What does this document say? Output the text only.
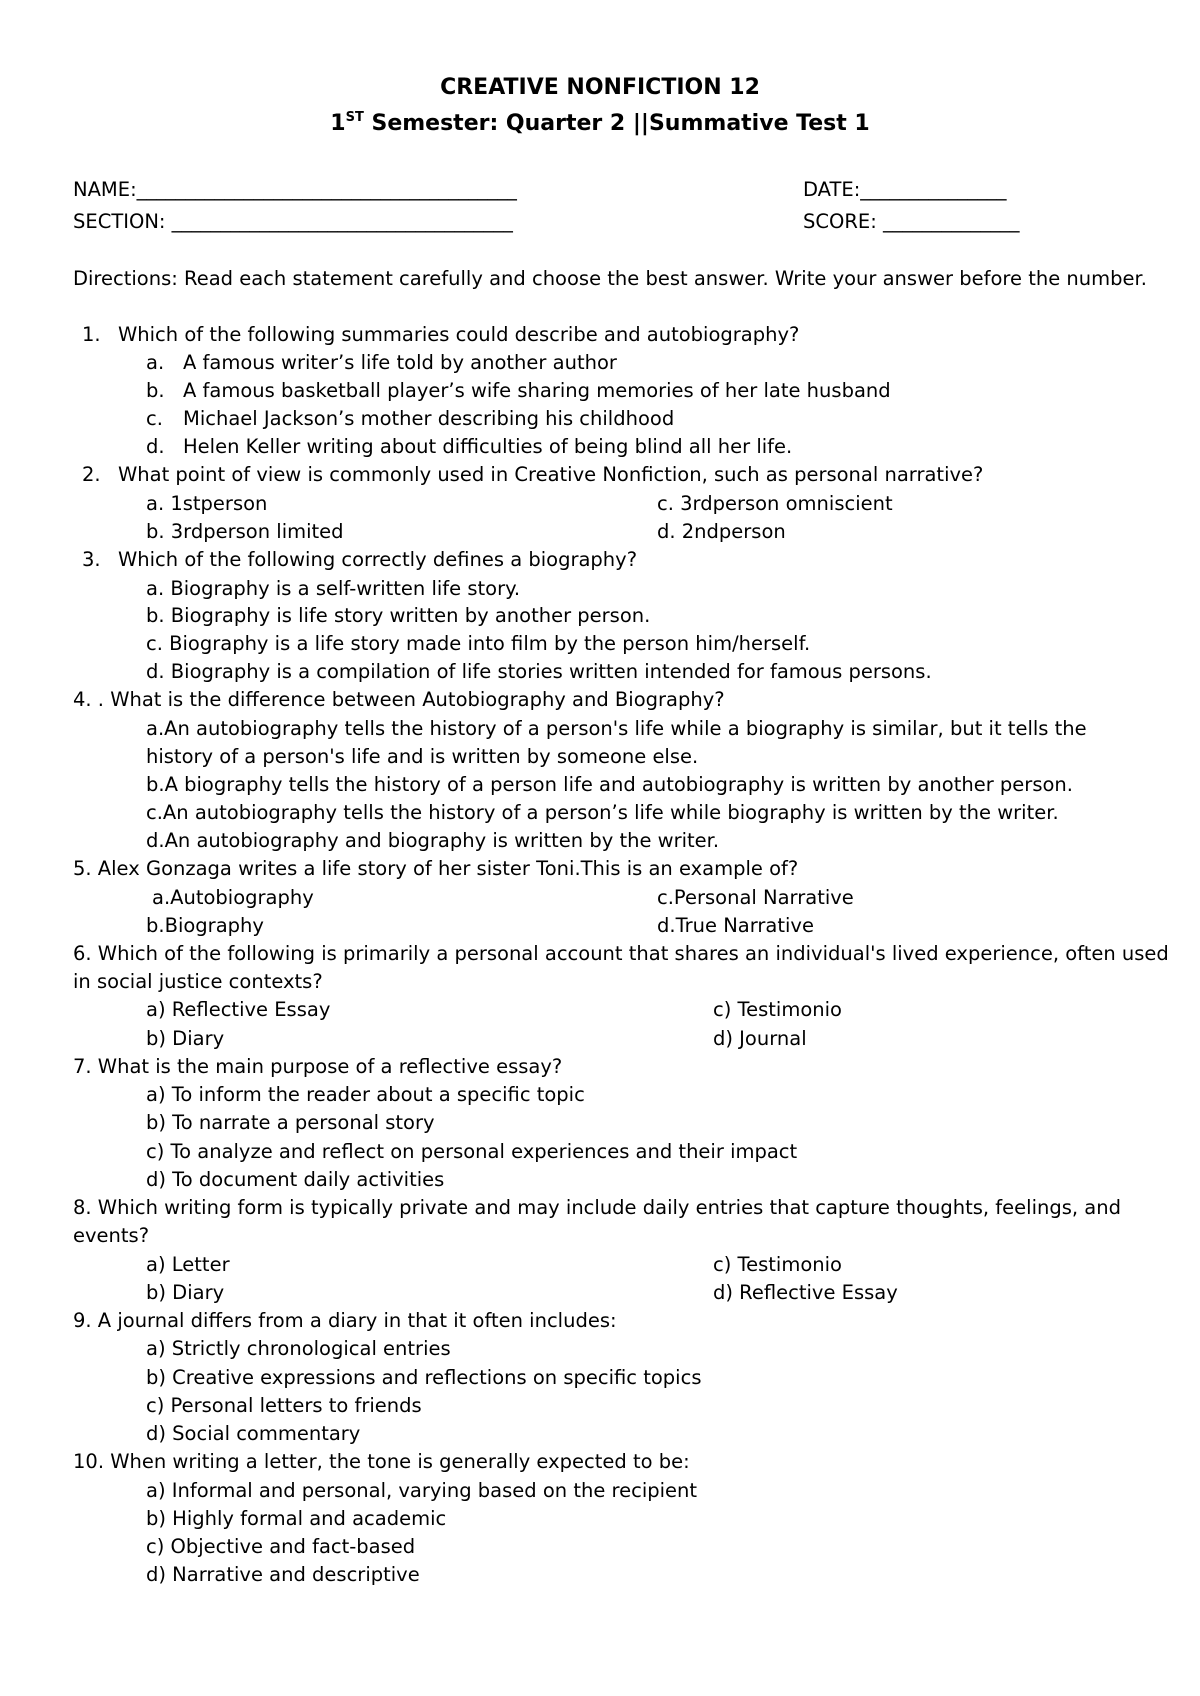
CREATIVE NONFICTION 12
1ST Semester: Quarter 2 ||Summative Test 1
NAME:_______________________________________	DATE:_______________
SECTION: ___________________________________	SCORE: ______________
Directions: Read each statement carefully and choose the best answer. Write your answer before the number.
1. Which of the following summaries could describe and autobiography?
a. A famous writer’s life told by another author
b. A famous basketball player’s wife sharing memories of her late husband
c. Michael Jackson’s mother describing his childhood
d. Helen Keller writing about difficulties of being blind all her life.
2. What point of view is commonly used in Creative Nonfiction, such as personal narrative?
a. 1stperson	c. 3rdperson omniscient
b. 3rdperson limited	d. 2ndperson
3. Which of the following correctly defines a biography?
a. Biography is a self-written life story.
b. Biography is life story written by another person.
c. Biography is a life story made into film by the person him/herself.
d. Biography is a compilation of life stories written intended for famous persons.
4. . What is the difference between Autobiography and Biography?
a.An autobiography tells the history of a person's life while a biography is similar, but it tells the
history of a person's life and is written by someone else.
b.A biography tells the history of a person life and autobiography is written by another person.
c.An autobiography tells the history of a person’s life while biography is written by the writer.
d.An autobiography and biography is written by the writer.
5. Alex Gonzaga writes a life story of her sister Toni.This is an example of?
a.Autobiography	c.Personal Narrative
b.Biography	d.True Narrative
6. Which of the following is primarily a personal account that shares an individual's lived experience, often used
in social justice contexts?
a) Reflective Essay	c) Testimonio
b) Diary	d) Journal
7. What is the main purpose of a reflective essay?
a) To inform the reader about a specific topic
b) To narrate a personal story
c) To analyze and reflect on personal experiences and their impact
d) To document daily activities
8. Which writing form is typically private and may include daily entries that capture thoughts, feelings, and
events?
a) Letter	c) Testimonio
b) Diary	d) Reflective Essay
9. A journal differs from a diary in that it often includes:
a) Strictly chronological entries
b) Creative expressions and reflections on specific topics
c) Personal letters to friends
d) Social commentary
10. When writing a letter, the tone is generally expected to be:
a) Informal and personal, varying based on the recipient
b) Highly formal and academic
c) Objective and fact-based
d) Narrative and descriptive
